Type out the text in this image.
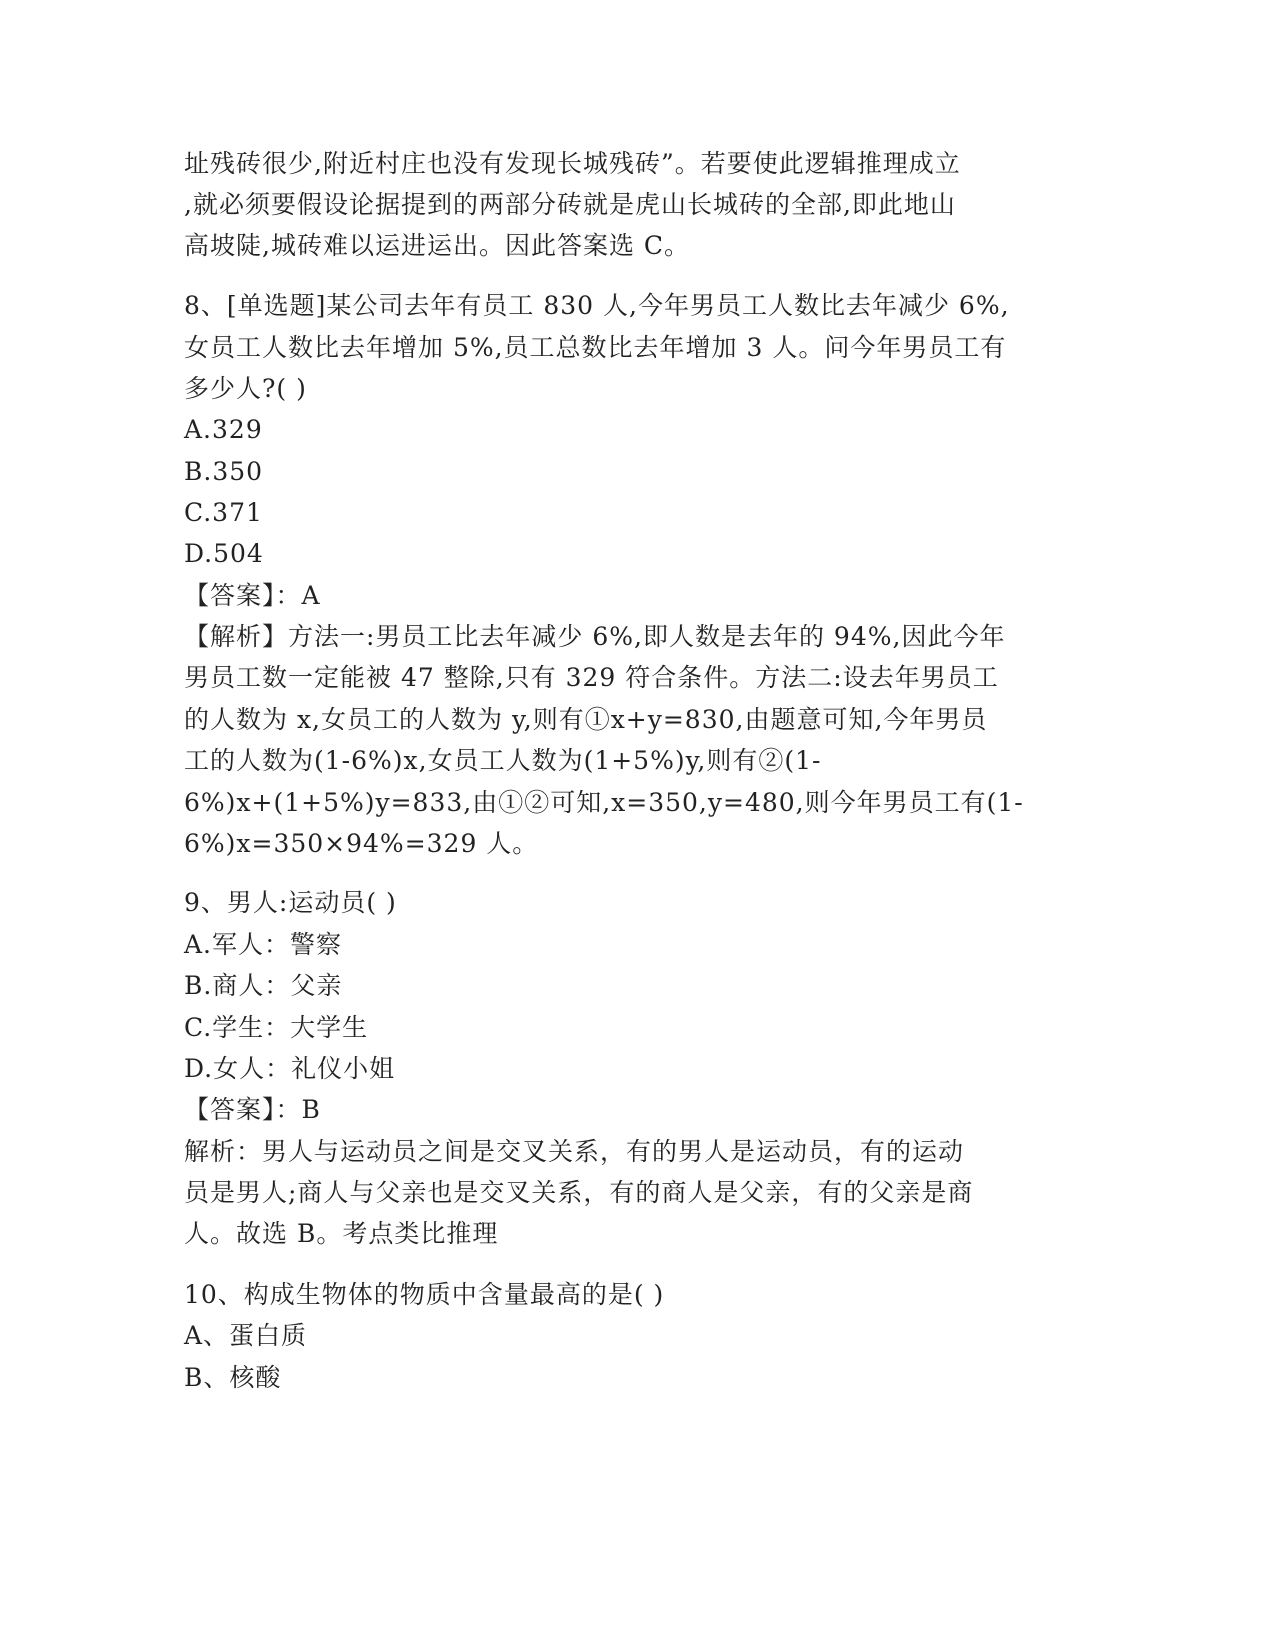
址残砖很少,附近村庄也没有发现长城残砖”。若要使此逻辑推理成立
,就必须要假设论据提到的两部分砖就是虎山长城砖的全部,即此地山
高坡陡,城砖难以运进运出。因此答案选 C。
8、[单选题]某公司去年有员工 830 人,今年男员工人数比去年减少 6%,
女员工人数比去年增加 5%,员工总数比去年增加 3 人。问今年男员工有
多少人?( )
A.329
B.350
C.371
D.504
【答案】：A
【解析】方法一:男员工比去年减少 6%,即人数是去年的 94%,因此今年
男员工数一定能被 47 整除,只有 329 符合条件。方法二:设去年男员工
的人数为 x,女员工的人数为 y,则有①x+y=830,由题意可知,今年男员
工的人数为(1-6%)x,女员工人数为(1+5%)y,则有②(1-
6%)x+(1+5%)y=833,由①②可知,x=350,y=480,则今年男员工有(1-
6%)x=350×94%=329 人。
9、男人:运动员( )
A.军人：警察
B.商人：父亲
C.学生：大学生
D.女人：礼仪小姐
【答案】：B
解析：男人与运动员之间是交叉关系，有的男人是运动员，有的运动
员是男人;商人与父亲也是交叉关系，有的商人是父亲，有的父亲是商
人。故选 B。考点类比推理
10、构成生物体的物质中含量最高的是( )
A、蛋白质
B、核酸
